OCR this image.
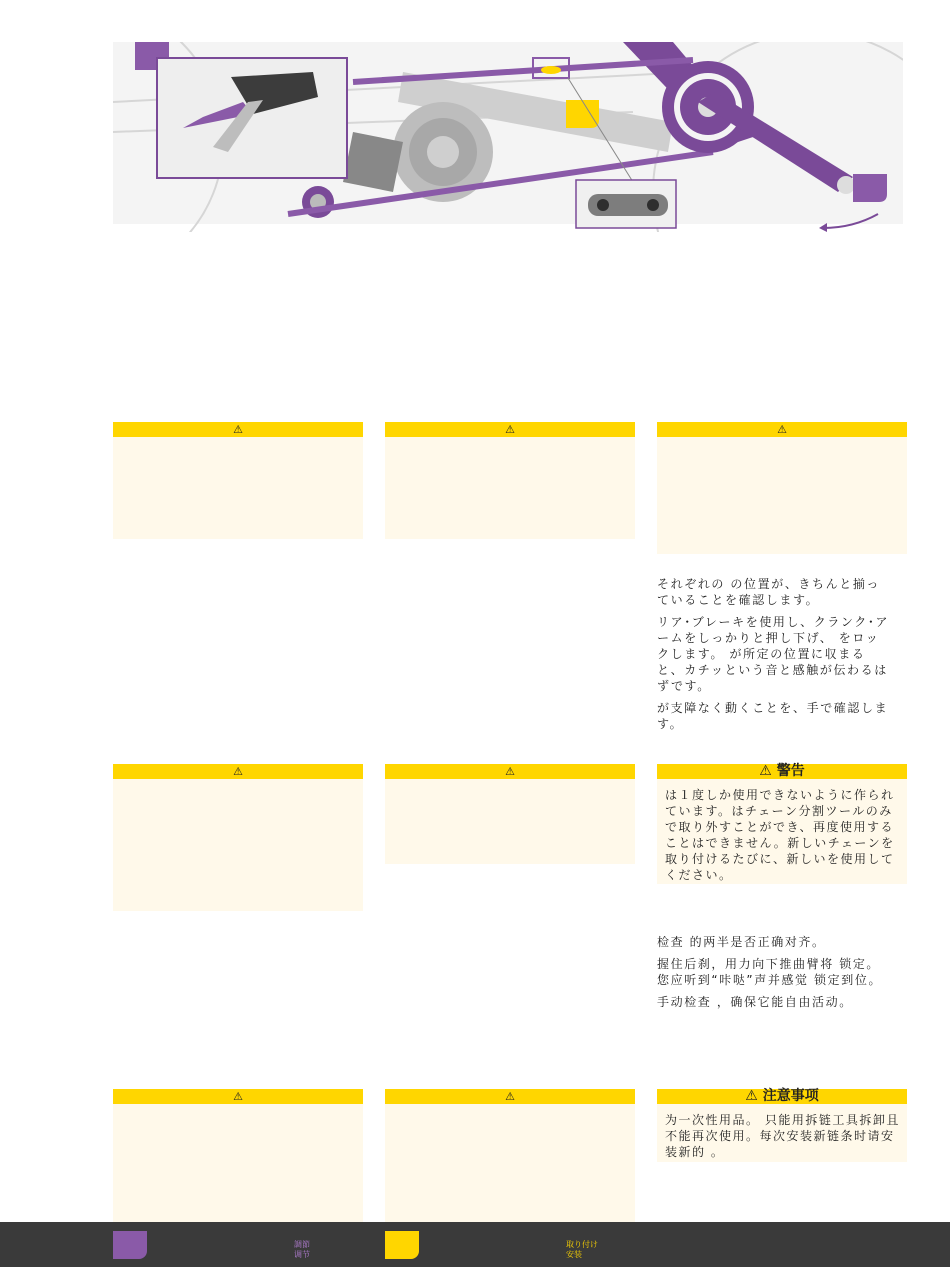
⚠	⚠	⚠

それぞれの の位置が、きちんと揃っていることを確認します。

リア･ブレーキを使用し、クランク･アームをしっかりと押し下げ、 をロックします。 が所定の位置に収まると、カチッという音と感触が伝わるはずです。

が支障なく動くことを、手で確認します。

⚠	⚠	⚠ 警告
は１度しか使用できないように作られています。はチェーン分割ツールのみで取り外すことができ、再度使用することはできません。新しいチェーンを取り付けるたびに、新しいを使用してください。

检查 的两半是否正确对齐。

握住后刹，用力向下推曲臂将 锁定。您应听到“咔哒”声并感觉 锁定到位。

手动检查 ，确保它能自由活动。

⚠	⚠	⚠ 注意事项
为一次性用品。 只能用拆链工具拆卸且不能再次使用。每次安装新链条时请安装新的 。
調節
调节
取り付け
安装
